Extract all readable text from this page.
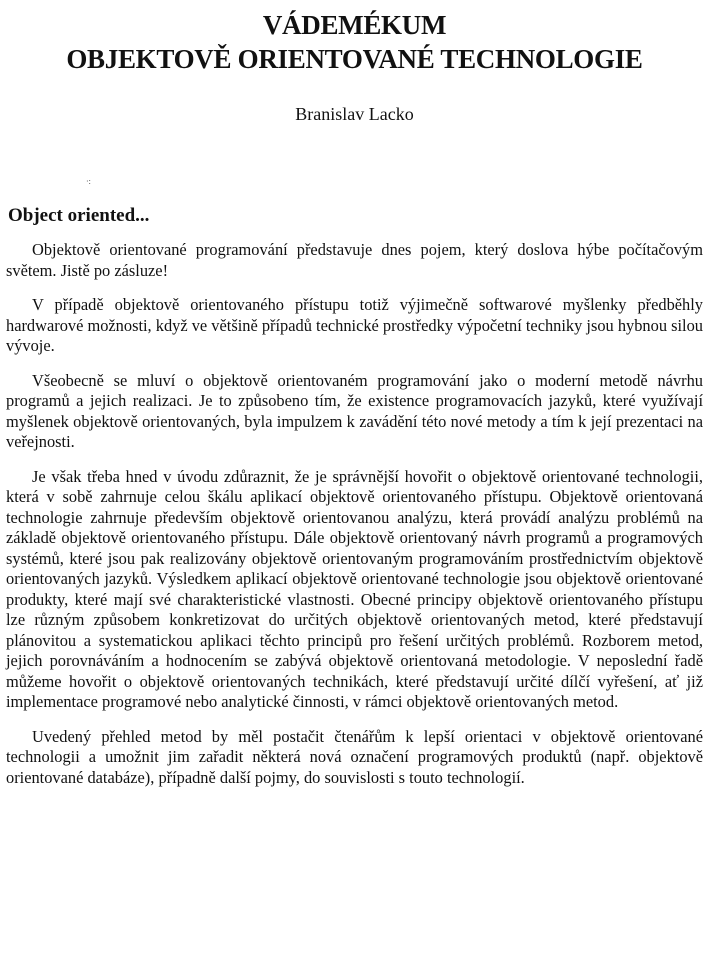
VÁDEMÉKUM
OBJEKTOVĚ ORIENTOVANÉ TECHNOLOGIE
Branislav Lacko
·:
Object oriented...

Objektově orientované programování představuje dnes pojem, který doslova hýbe počítačovým světem. Jistě po zásluze!

V případě objektově orientovaného přístupu totiž výjimečně softwarové myšlenky předběhly hardwarové možnosti, když ve většině případů technické prostředky výpočetní techniky jsou hybnou silou vývoje.

Všeobecně se mluví o objektově orientovaném programování jako o moderní metodě návrhu programů a jejich realizaci. Je to způsobeno tím, že existence programovacích jazyků, které využívají myšlenek objektově orientovaných, byla impulzem k zavádění této nové metody a tím k její prezentaci na veřejnosti.

Je však třeba hned v úvodu zdůraznit, že je správnější hovořit o objektově orientované technologii, která v sobě zahrnuje celou škálu aplikací objektově orientovaného přístupu. Objektově orientovaná technologie zahrnuje především objektově orientovanou analýzu, která provádí analýzu problémů na základě objektově orientovaného přístupu. Dále objektově orientovaný návrh programů a programových systémů, které jsou pak realizovány objektově orientovaným programováním prostřednictvím objektově orientovaných jazyků. Výsledkem aplikací objektově orientované technologie jsou objektově orientované produkty, které mají své charakteristické vlastnosti. Obecné principy objektově orientovaného přístupu lze různým způsobem konkretizovat do určitých objektově orientovaných metod, které představují plánovitou a systematickou aplikaci těchto principů pro řešení určitých problémů. Rozborem metod, jejich porovnáváním a hodnocením se zabývá objektově orientovaná metodologie. V neposlední řadě můžeme hovořit o objektově orientovaných technikách, které představují určité dílčí vyřešení, ať již implementace programové nebo analytické činnosti, v rámci objektově orientovaných metod.

Uvedený přehled metod by měl postačit čtenářům k lepší orientaci v objektově orientované technologii a umožnit jim zařadit některá nová označení programových produktů (např. objektově orientované databáze), případně další pojmy, do souvislosti s touto technologií.
